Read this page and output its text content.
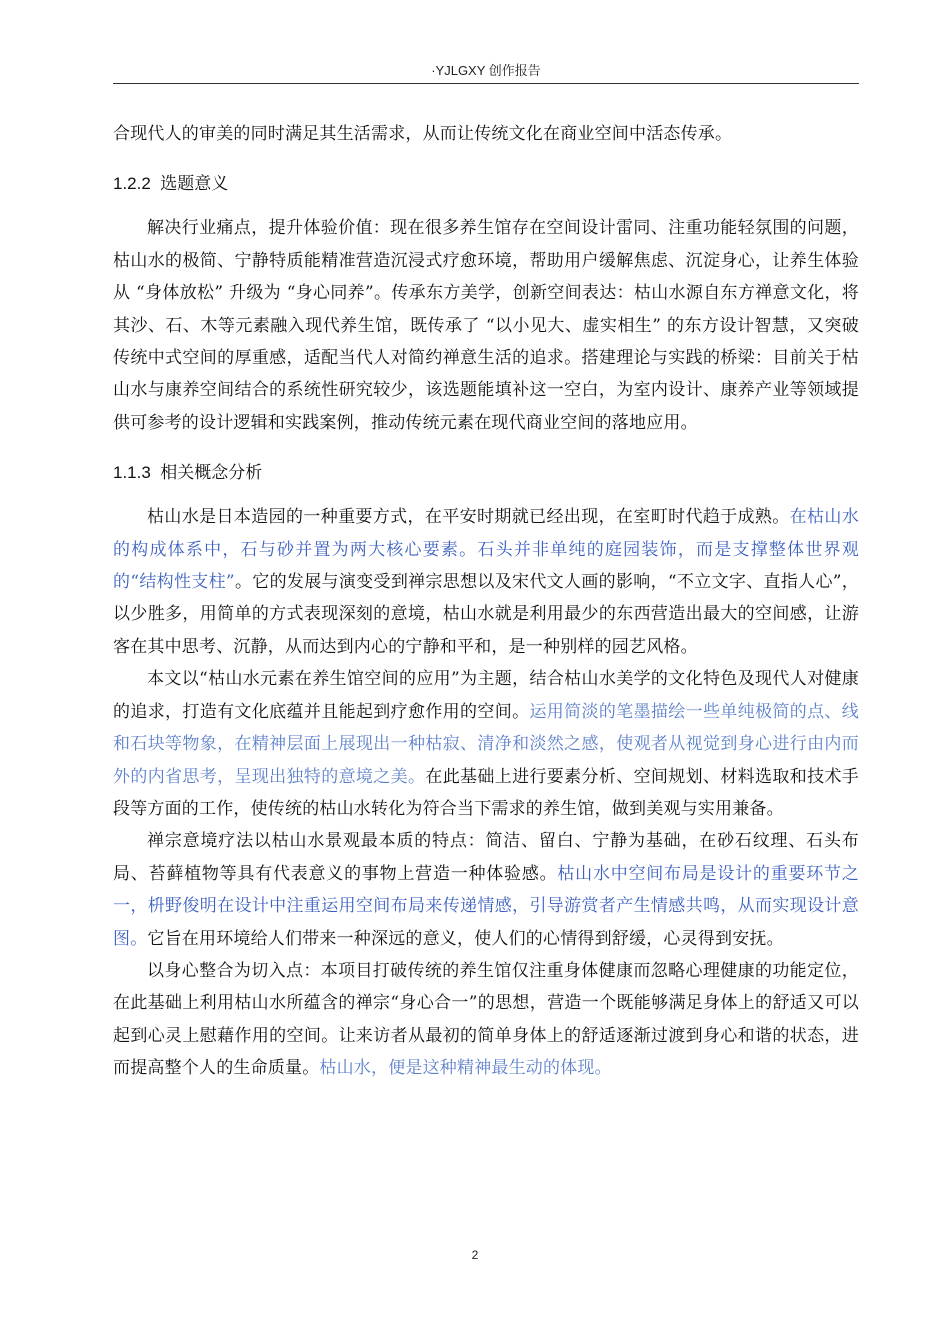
·YJLGXY 创作报告

合现代人的审美的同时满足其生活需求，从而让传统文化在商业空间中活态传承。

1.2.2 选题意义

解决行业痛点，提升体验价值：现在很多养生馆存在空间设计雷同、注重功能轻氛围的问题，枯山水的极简、宁静特质能精准营造沉浸式疗愈环境，帮助用户缓解焦虑、沉淀身心，让养生体验从 “身体放松” 升级为 “身心同养”。传承东方美学，创新空间表达：枯山水源自东方禅意文化，将其沙、石、木等元素融入现代养生馆，既传承了 “以小见大、虚实相生” 的东方设计智慧，又突破传统中式空间的厚重感，适配当代人对简约禅意生活的追求。搭建理论与实践的桥梁：目前关于枯山水与康养空间结合的系统性研究较少，该选题能填补这一空白，为室内设计、康养产业等领域提供可参考的设计逻辑和实践案例，推动传统元素在现代商业空间的落地应用。

1.1.3 相关概念分析

枯山水是日本造园的一种重要方式，在平安时期就已经出现，在室町时代趋于成熟。在枯山水的构成体系中，石与砂并置为两大核心要素。石头并非单纯的庭园装饰，而是支撑整体世界观的“结构性支柱”。它的发展与演变受到禅宗思想以及宋代文人画的影响，“不立文字、直指人心”，以少胜多，用简单的方式表现深刻的意境，枯山水就是利用最少的东西营造出最大的空间感，让游客在其中思考、沉静，从而达到内心的宁静和平和，是一种别样的园艺风格。

本文以“枯山水元素在养生馆空间的应用”为主题，结合枯山水美学的文化特色及现代人对健康的追求，打造有文化底蕴并且能起到疗愈作用的空间。运用简淡的笔墨描绘一些单纯极简的点、线和石块等物象，在精神层面上展现出一种枯寂、清净和淡然之感，使观者从视觉到身心进行由内而外的内省思考，呈现出独特的意境之美。在此基础上进行要素分析、空间规划、材料选取和技术手段等方面的工作，使传统的枯山水转化为符合当下需求的养生馆，做到美观与实用兼备。

禅宗意境疗法以枯山水景观最本质的特点：简洁、留白、宁静为基础，在砂石纹理、石头布局、苔藓植物等具有代表意义的事物上营造一种体验感。枯山水中空间布局是设计的重要环节之一，枡野俊明在设计中注重运用空间布局来传递情感，引导游赏者产生情感共鸣，从而实现设计意图。它旨在用环境给人们带来一种深远的意义，使人们的心情得到舒缓，心灵得到安抚。

以身心整合为切入点：本项目打破传统的养生馆仅注重身体健康而忽略心理健康的功能定位，在此基础上利用枯山水所蕴含的禅宗“身心合一”的思想，营造一个既能够满足身体上的舒适又可以起到心灵上慰藉作用的空间。让来访者从最初的简单身体上的舒适逐渐过渡到身心和谐的状态，进而提高整个人的生命质量。枯山水，便是这种精神最生动的体现。

2
